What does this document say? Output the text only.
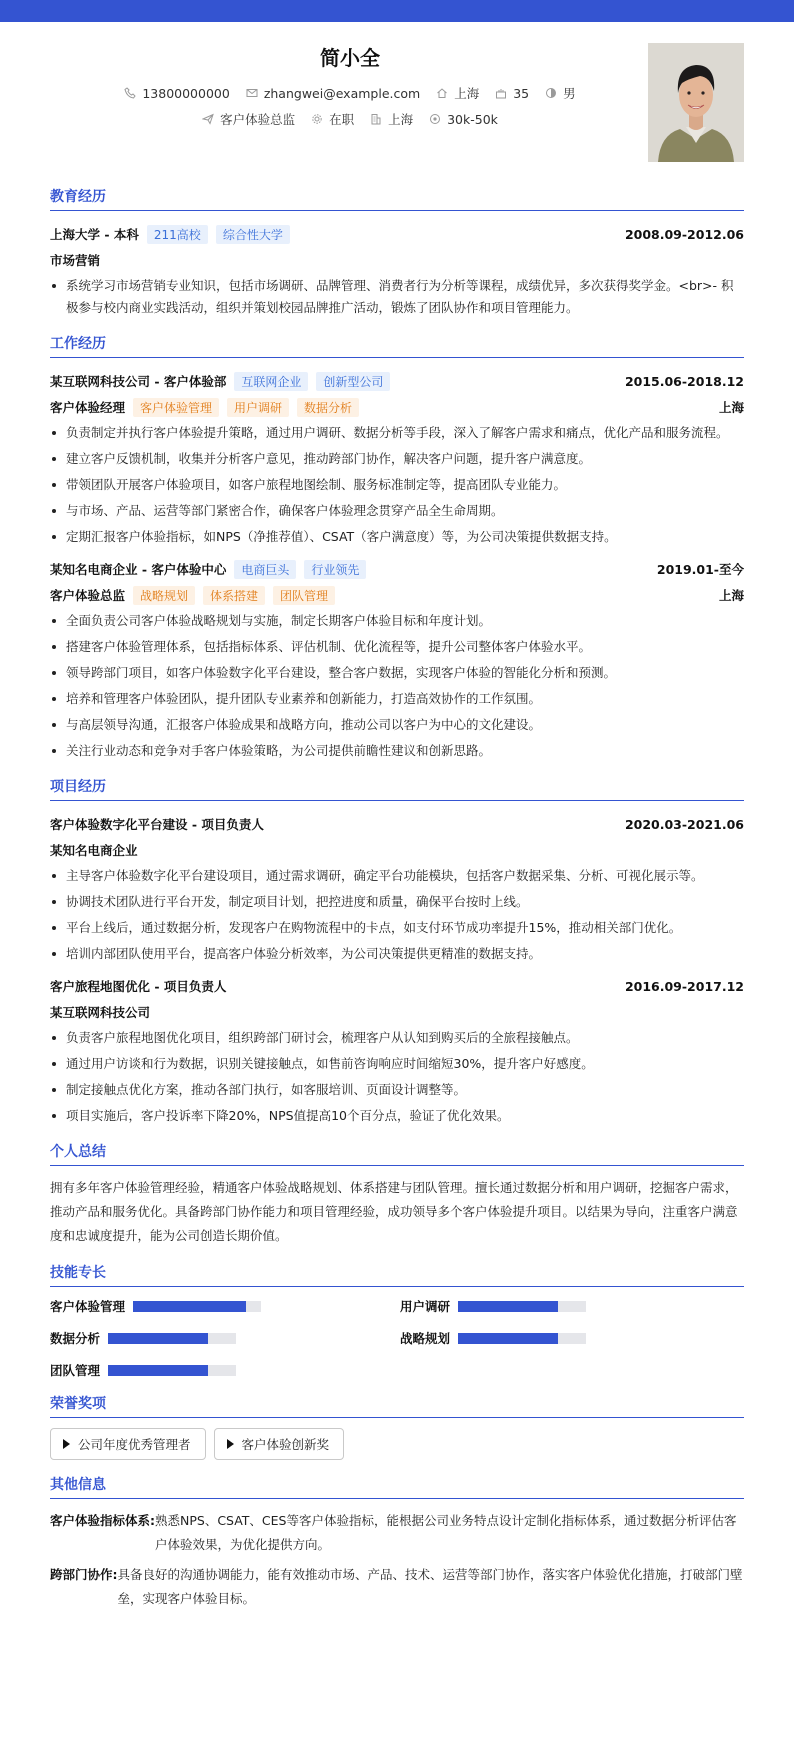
简小全
13800000000	zhangwei@example.com	上海	35	男
客户体验总监	在职	上海	30k-50k
教育经历
上海大学 - 本科	211高校	综合性大学	2008.09-2012.06
市场营销
系统学习市场营销专业知识，包括市场调研、品牌管理、消费者行为分析等课程，成绩优异，多次获得奖学金。<br>- 积极参与校内商业实践活动，组织并策划校园品牌推广活动，锻炼了团队协作和项目管理能力。
工作经历
某互联网科技公司 - 客户体验部	互联网企业	创新型公司	2015.06-2018.12
客户体验经理	客户体验管理	用户调研	数据分析	上海
负责制定并执行客户体验提升策略，通过用户调研、数据分析等手段，深入了解客户需求和痛点，优化产品和服务流程。
建立客户反馈机制，收集并分析客户意见，推动跨部门协作，解决客户问题，提升客户满意度。
带领团队开展客户体验项目，如客户旅程地图绘制、服务标准制定等，提高团队专业能力。
与市场、产品、运营等部门紧密合作，确保客户体验理念贯穿产品全生命周期。
定期汇报客户体验指标，如NPS（净推荐值）、CSAT（客户满意度）等，为公司决策提供数据支持。
某知名电商企业 - 客户体验中心	电商巨头	行业领先	2019.01-至今
客户体验总监	战略规划	体系搭建	团队管理	上海
全面负责公司客户体验战略规划与实施，制定长期客户体验目标和年度计划。
搭建客户体验管理体系，包括指标体系、评估机制、优化流程等，提升公司整体客户体验水平。
领导跨部门项目，如客户体验数字化平台建设，整合客户数据，实现客户体验的智能化分析和预测。
培养和管理客户体验团队，提升团队专业素养和创新能力，打造高效协作的工作氛围。
与高层领导沟通，汇报客户体验成果和战略方向，推动公司以客户为中心的文化建设。
关注行业动态和竞争对手客户体验策略，为公司提供前瞻性建议和创新思路。
项目经历
客户体验数字化平台建设 - 项目负责人	2020.03-2021.06
某知名电商企业
主导客户体验数字化平台建设项目，通过需求调研，确定平台功能模块，包括客户数据采集、分析、可视化展示等。
协调技术团队进行平台开发，制定项目计划，把控进度和质量，确保平台按时上线。
平台上线后，通过数据分析，发现客户在购物流程中的卡点，如支付环节成功率提升15%，推动相关部门优化。
培训内部团队使用平台，提高客户体验分析效率，为公司决策提供更精准的数据支持。
客户旅程地图优化 - 项目负责人	2016.09-2017.12
某互联网科技公司
负责客户旅程地图优化项目，组织跨部门研讨会，梳理客户从认知到购买后的全旅程接触点。
通过用户访谈和行为数据，识别关键接触点，如售前咨询响应时间缩短30%，提升客户好感度。
制定接触点优化方案，推动各部门执行，如客服培训、页面设计调整等。
项目实施后，客户投诉率下降20%，NPS值提高10个百分点，验证了优化效果。
个人总结

拥有多年客户体验管理经验，精通客户体验战略规划、体系搭建与团队管理。擅长通过数据分析和用户调研，挖掘客户需求，推动产品和服务优化。具备跨部门协作能力和项目管理经验，成功领导多个客户体验提升项目。以结果为导向，注重客户满意度和忠诚度提升，能为公司创造长期价值。

技能专长
客户体验管理	用户调研
数据分析	战略规划
团队管理
荣誉奖项
公司年度优秀管理者	客户体验创新奖
其他信息
客户体验指标体系: 熟悉NPS、CSAT、CES等客户体验指标，能根据公司业务特点设计定制化指标体系，通过数据分析评估客户体验效果，为优化提供方向。
跨部门协作: 具备良好的沟通协调能力，能有效推动市场、产品、技术、运营等部门协作，落实客户体验优化措施，打破部门壁垒，实现客户体验目标。
